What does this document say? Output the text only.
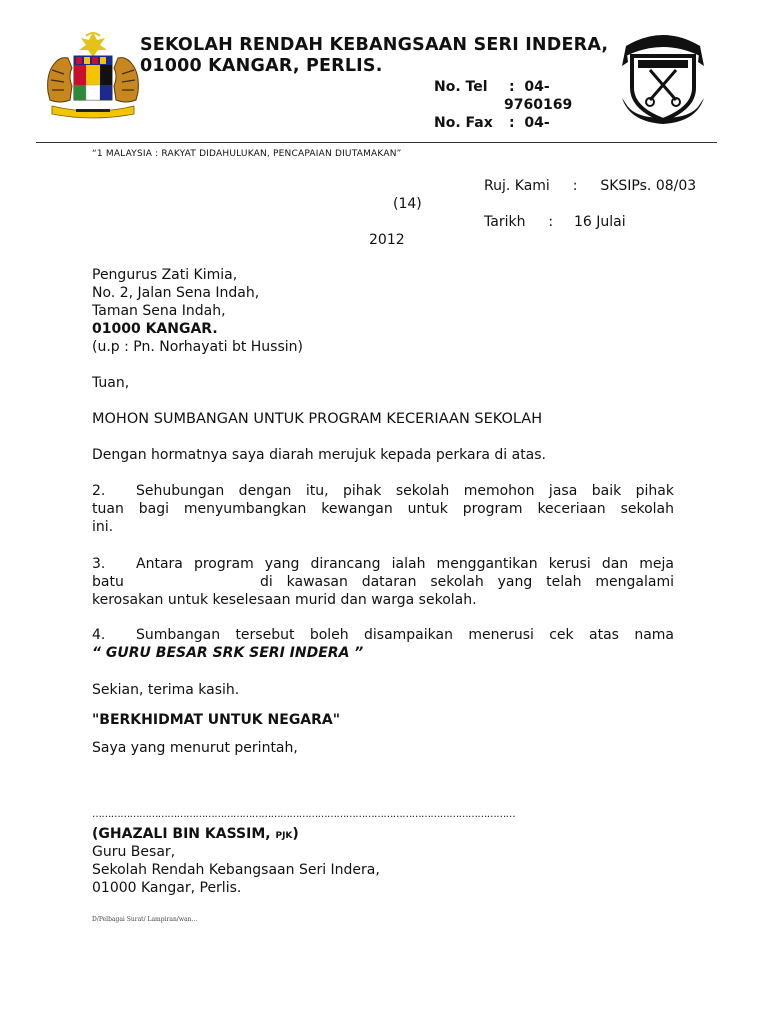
SEKOLAH RENDAH KEBANGSAAN SERI INDERA,
01000 KANGAR, PERLIS.
No. Tel : 04-
9760169
No. Fax : 04-
“1 MALAYSIA : RAKYAT DIDAHULUKAN, PENCAPAIAN DIUTAMAKAN”
Ruj. Kami : SKSIPs. 08/03
(14)
Tarikh : 16 Julai
2012
Pengurus Zati Kimia,
No. 2, Jalan Sena Indah,
Taman Sena Indah,
01000 KANGAR.
(u.p : Pn. Norhayati bt Hussin)
Tuan,
MOHON SUMBANGAN UNTUK PROGRAM KECERIAAN SEKOLAH
Dengan hormatnya saya diarah merujuk kepada perkara di atas.
2. Sehubungan dengan itu, pihak sekolah memohon jasa baik pihak
tuan bagi menyumbangkan kewangan untuk program keceriaan sekolah
ini.
3. Antara program yang dirancang ialah menggantikan kerusi dan meja
batu	di kawasan dataran sekolah yang telah mengalami
kerosakan untuk keselesaan murid dan warga sekolah.
4. Sumbangan tersebut boleh disampaikan menerusi cek atas nama
“ GURU BESAR SRK SERI INDERA ”
Sekian, terima kasih.
"BERKHIDMAT UNTUK NEGARA"
Saya yang menurut perintah,
………………………………………………………………………………………………………………………
(GHAZALI BIN KASSIM, PJK)
Guru Besar,
Sekolah Rendah Kebangsaan Seri Indera,
01000 Kangar, Perlis.
D/Pelbagai Surat/ Lampiran/wan…
